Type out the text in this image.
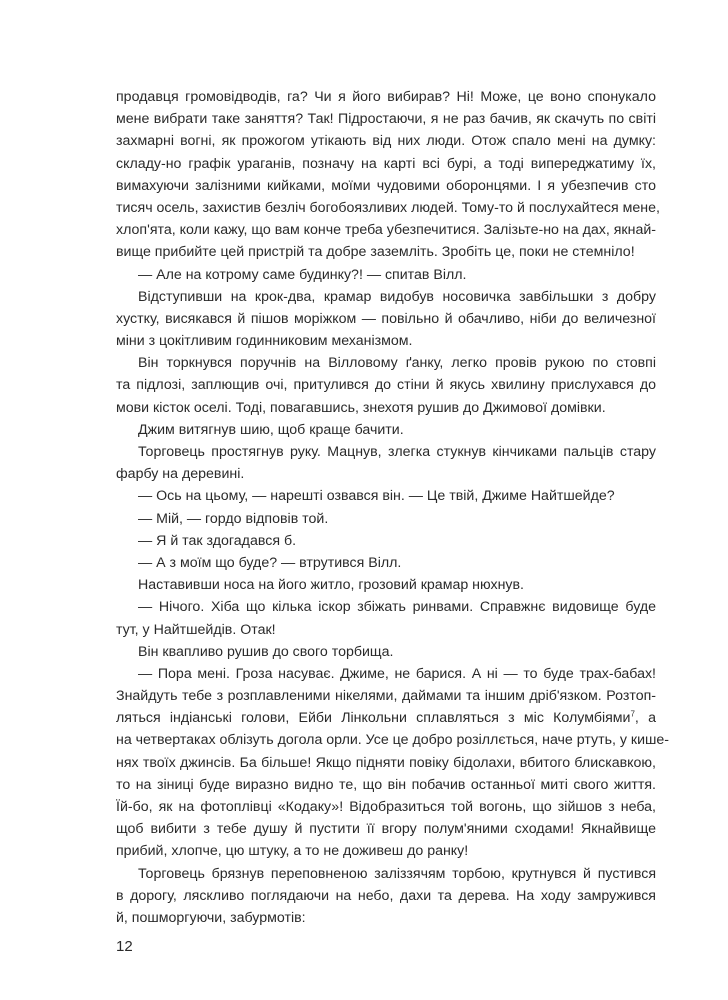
продавця громовідводів, га? Чи я його вибирав? Ні! Може, це воно спонукало
мене вибрати таке заняття? Так! Підростаючи, я не раз бачив, як скачуть по світі
захмарні вогні, як прожогом утікають від них люди. Отож спало мені на думку:
складу-но графік ураганів, позначу на карті всі бурі, а тоді випереджатиму їх,
вимахуючи залізними кийками, моїми чудовими оборонцями. І я убезпечив сто
тисяч осель, захистив безліч богобоязливих людей. Тому-то й послухайтеся мене,
хлоп'ята, коли кажу, що вам конче треба убезпечитися. Залізьте-но на дах, якнай-
вище прибийте цей пристрій та добре заземліть. Зробіть це, поки не стемніло!
— Але на котрому саме будинку?! — спитав Вілл.
Відступивши на крок-два, крамар видобув носовичка завбільшки з добру
хустку, висякався й пішов моріжком — повільно й обачливо, ніби до величезної
міни з цокітливим годинниковим механізмом.
Він торкнувся поручнів на Вілловому ґанку, легко провів рукою по стовпі
та підлозі, заплющив очі, притулився до стіни й якусь хвилину прислухався до
мови кісток оселі. Тоді, повагавшись, знехотя рушив до Джимової домівки.
Джим витягнув шию, щоб краще бачити.
Торговець простягнув руку. Мацнув, злегка стукнув кінчиками пальців стару
фарбу на деревині.
— Ось на цьому, — нарешті озвався він. — Це твій, Джиме Найтшейде?
— Мій, — гордо відповів той.
— Я й так здогадався б.
— А з моїм що буде? — втрутився Вілл.
Наставивши носа на його житло, грозовий крамар нюхнув.
— Нічого. Хіба що кілька іскор збіжать ринвами. Справжнє видовище буде
тут, у Найтшейдів. Отак!
Він квапливо рушив до свого торбища.
— Пора мені. Гроза насуває. Джиме, не барися. А ні — то буде трах-бабах!
Знайдуть тебе з розплавленими нікелями, даймами та іншим дріб'язком. Розтоп-
ляться індіанські голови, Ейби Лінкольни сплавляться з міс Колумбіями$^7$, а
на четвертаках облізуть догола орли. Усе це добро розіллється, наче ртуть, у кише-
нях твоїх джинсів. Ба більше! Якщо підняти повіку бідолахи, вбитого блискавкою,
то на зіниці буде виразно видно те, що він побачив останньої миті свого життя.
Їй-бо, як на фотоплівці «Кодаку»! Відобразиться той вогонь, що зійшов з неба,
щоб вибити з тебе душу й пустити її вгору полум'яними сходами! Якнайвище
прибий, хлопче, цю штуку, а то не доживеш до ранку!
Торговець брязнув переповненою заліззячям торбою, крутнувся й пустився
в дорогу, ляскливо поглядаючи на небо, дахи та дерева. На ходу замружився
й, пошморгуючи, забурмотів:
12
